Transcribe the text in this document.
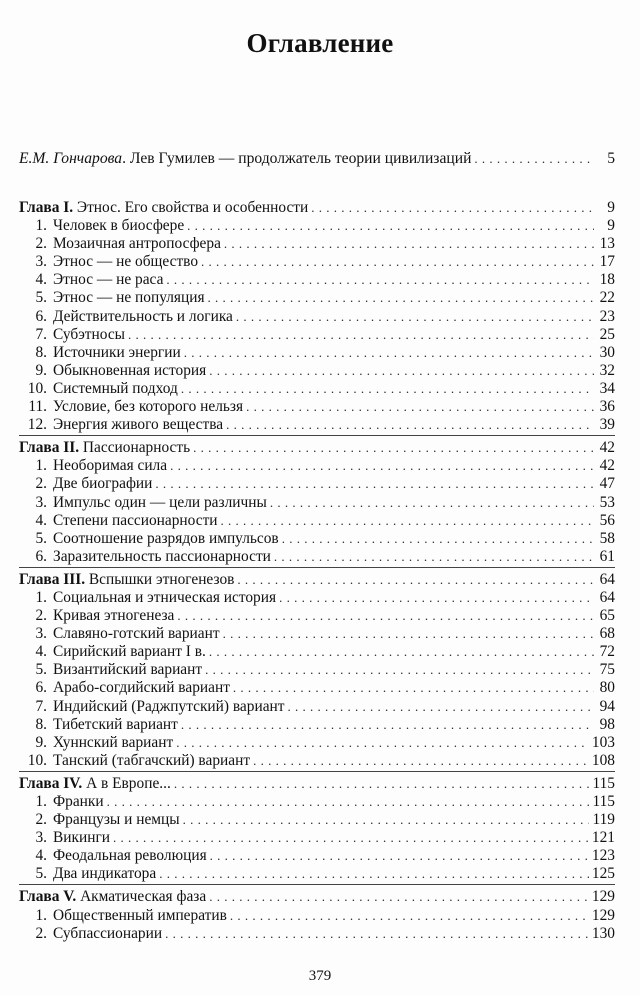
Оглавление
Е.М. Гончарова. Лев Гумилев — продолжатель теории цивилизаций . . .	5
Глава I. Этнос. Его свойства и особенности . . .	9
1. Человек в биосфере . . .	9
2. Мозаичная антропосфера . . .	13
3. Этнос — не общество . . .	17
4. Этнос — не раса . . .	18
5. Этнос — не популяция . . .	22
6. Действительность и логика . . .	23
7. Субэтносы . . .	25
8. Источники энергии . . .	30
9. Обыкновенная история . . .	32
10. Системный подход . . .	34
11. Условие, без которого нельзя . . .	36
12. Энергия живого вещества . . .	39
Глава II. Пассионарность . . .	42
1. Необоримая сила . . .	42
2. Две биографии . . .	47
3. Импульс один — цели различны . . .	53
4. Степени пассионарности . . .	56
5. Соотношение разрядов импульсов . . .	58
6. Заразительность пассионарности . . .	61
Глава III. Вспышки этногенезов . . .	64
1. Социальная и этническая история . . .	64
2. Кривая этногенеза . . .	65
3. Славяно-готский вариант . . .	68
4. Сирийский вариант I в. . . .	72
5. Византийский вариант . . .	75
6. Арабо-согдийский вариант . . .	80
7. Индийский (Раджпутский) вариант . . .	94
8. Тибетский вариант . . .	98
9. Хуннский вариант . . .	103
10. Танский (табгачский) вариант . . .	108
Глава IV. А в Европе... . . .	115
1. Франки . . .	115
2. Французы и немцы . . .	119
3. Викинги . . .	121
4. Феодальная революция . . .	123
5. Два индикатора . . .	125
Глава V. Акматическая фаза . . .	129
1. Общественный императив . . .	129
2. Субпассионарии . . .	130
379
